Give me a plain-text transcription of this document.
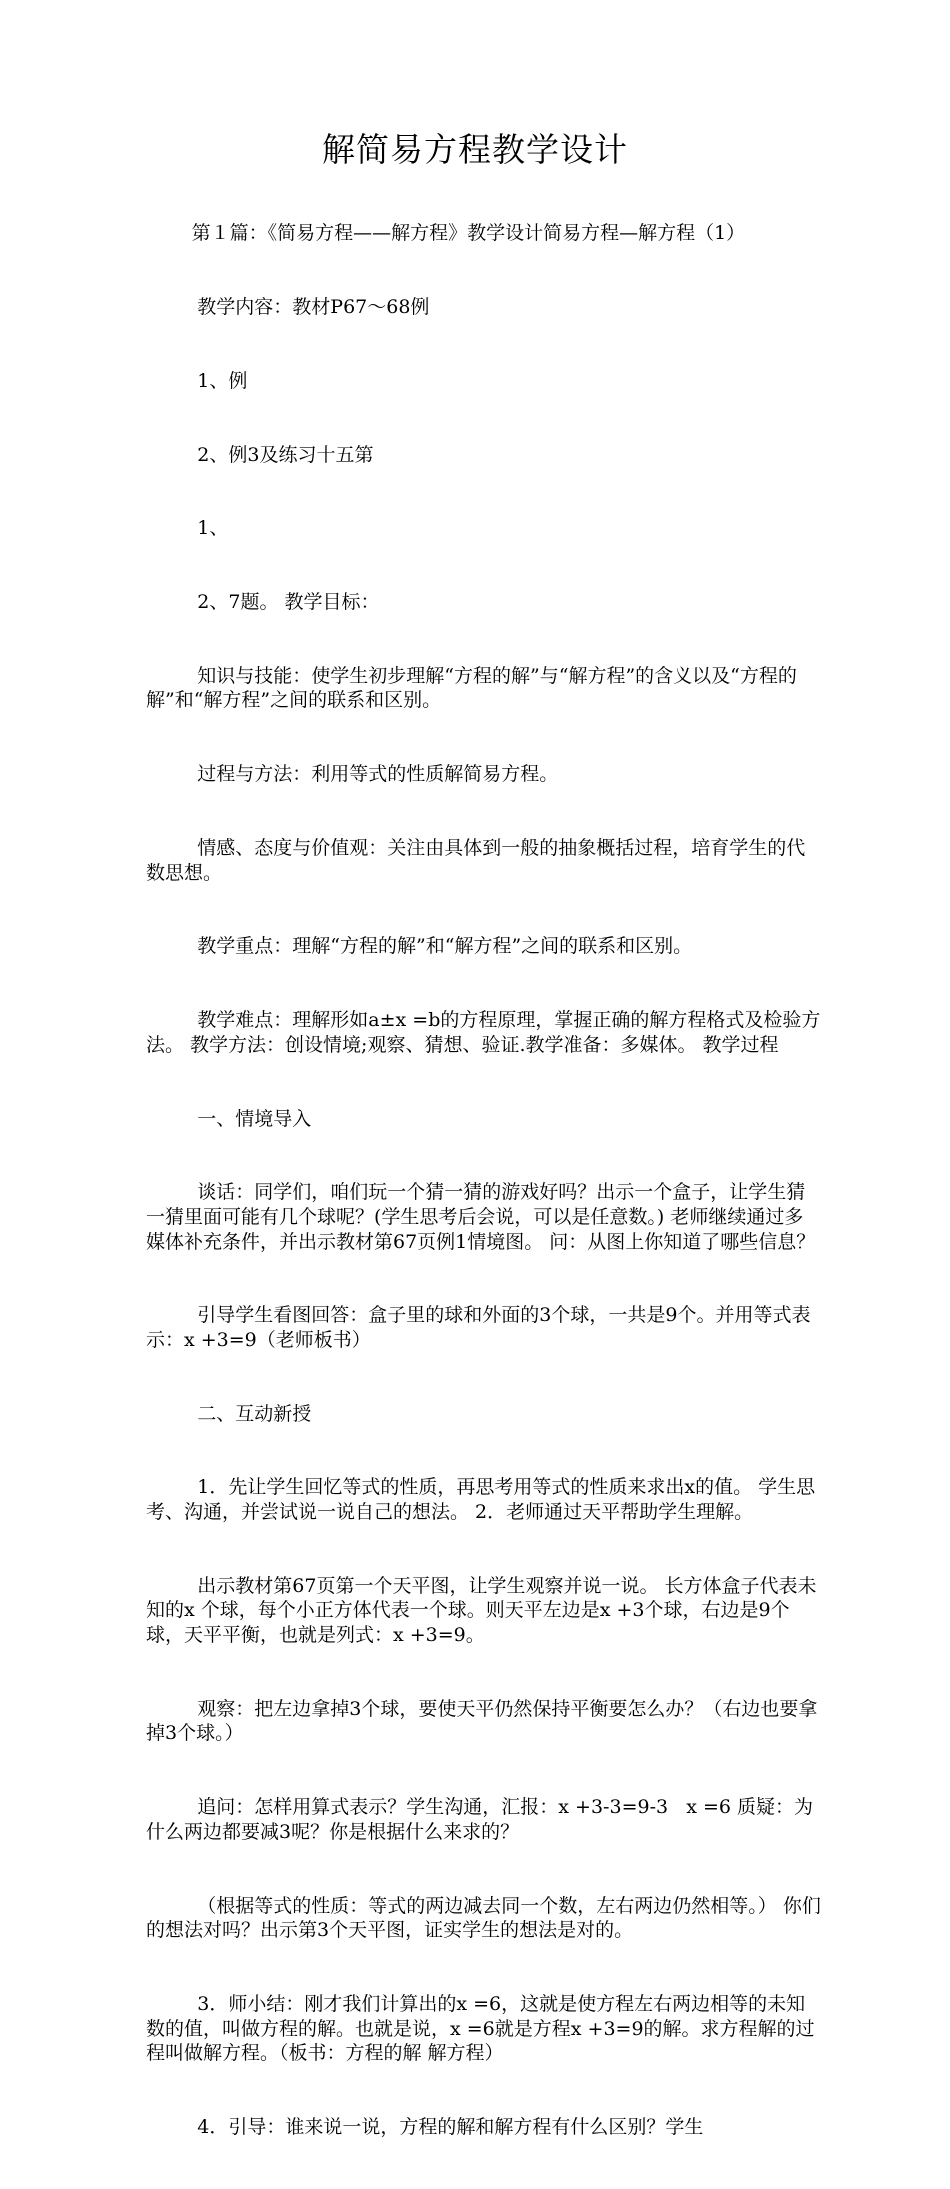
解简易方程教学设计

第１篇：《简易方程——解方程》教学设计简易方程—解方程（1）

教学内容：教材P67～68例

1、例

2、例3及练习十五第

1、

2、7题。 教学目标：

知识与技能：使学生初步理解“方程的解”与“解方程”的含义以及“方程的解”和“解方程”之间的联系和区别。

过程与方法：利用等式的性质解简易方程。

情感、态度与价值观：关注由具体到一般的抽象概括过程，培育学生的代数思想。

教学重点：理解“方程的解”和“解方程”之间的联系和区别。

教学难点：理解形如a±x =b的方程原理，掌握正确的解方程格式及检验方法。 教学方法：创设情境;观察、猜想、验证.教学准备：多媒体。 教学过程

一、情境导入

谈话：同学们，咱们玩一个猜一猜的游戏好吗？出示一个盒子，让学生猜一猜里面可能有几个球呢？(学生思考后会说，可以是任意数。) 老师继续通过多媒体补充条件，并出示教材第67页例1情境图。 问：从图上你知道了哪些信息？

引导学生看图回答：盒子里的球和外面的3个球，一共是9个。并用等式表示：x +3=9（老师板书）

二、互动新授

1．先让学生回忆等式的性质，再思考用等式的性质来求出x的值。 学生思考、沟通，并尝试说一说自己的想法。 2．老师通过天平帮助学生理解。

出示教材第67页第一个天平图，让学生观察并说一说。 长方体盒子代表未知的x 个球，每个小正方体代表一个球。则天平左边是x +3个球，右边是9个球，天平平衡，也就是列式：x +3=9。

观察：把左边拿掉3个球，要使天平仍然保持平衡要怎么办？（右边也要拿掉3个球。）

追问：怎样用算式表示？学生沟通，汇报：x +3-3=9-3   x =6 质疑：为什么两边都要减3呢？你是根据什么来求的？

（根据等式的性质：等式的两边减去同一个数，左右两边仍然相等。） 你们的想法对吗？出示第3个天平图，证实学生的想法是对的。

3．师小结：刚才我们计算出的x =6，这就是使方程左右两边相等的未知数的值，叫做方程的解。也就是说，x =6就是方程x +3=9的解。求方程解的过程叫做解方程。（板书：方程的解 解方程）

4．引导：谁来说一说，方程的解和解方程有什么区别？学生
